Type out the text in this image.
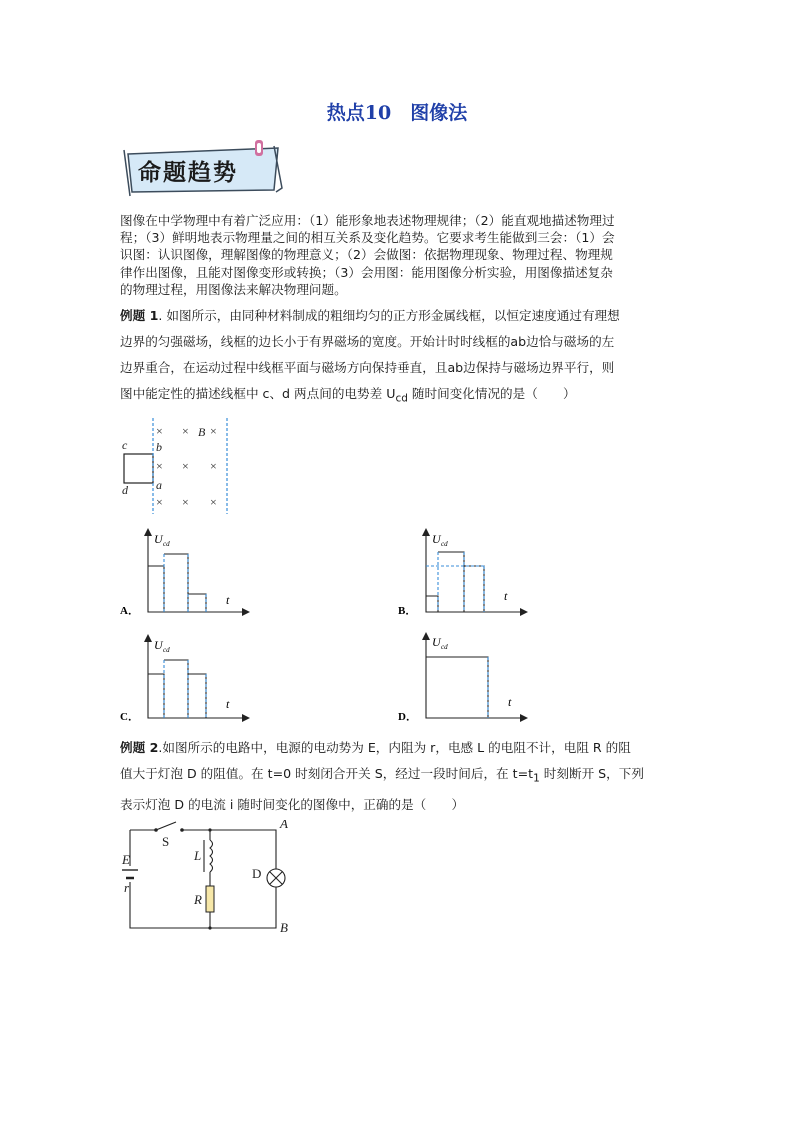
热点10　图像法
命题趋势
图像在中学物理中有着广泛应用：（1）能形象地表述物理规律；（2）能直观地描述物理过
程；（3）鲜明地表示物理量之间的相互关系及变化趋势。它要求考生能做到三会：（1）会
识图：认识图像，理解图像的物理意义；（2）会做图：依据物理现象、物理过程、物理规
律作出图像，且能对图像变形或转换；（3）会用图：能用图像分析实验，用图像描述复杂
的物理过程，用图像法来解决物理问题。
例题 1. 如图所示，由同种材料制成的粗细均匀的正方形金属线框，以恒定速度通过有理想
边界的匀强磁场，线框的边长小于有界磁场的宽度。开始计时时线框的ab边恰与磁场的左
边界重合，在运动过程中线框平面与磁场方向保持垂直，且ab边保持与磁场边界平行，则
图中能定性的描述线框中 c、d 两点间的电势差 $U_{cd}$ 随时间变化情况的是（　　）
× × ×
× × ×
× × ×
B
c
d
b
a
U cd
t
A．
U cd
t
B．
U cd
t
C．
U cd
t
D．
例题 2.如图所示的电路中，电源的电动势为 E，内阻为 r，电感 L 的电阻不计，电阻 R 的阻
值大于灯泡 D 的阻值。在 t=0 时刻闭合开关 S，经过一段时间后，在 $t=t_1$ 时刻断开 S，下列
表示灯泡 D 的电流 i 随时间变化的图像中，正确的是（　　）
S
D
A
B
E
r
L
R
